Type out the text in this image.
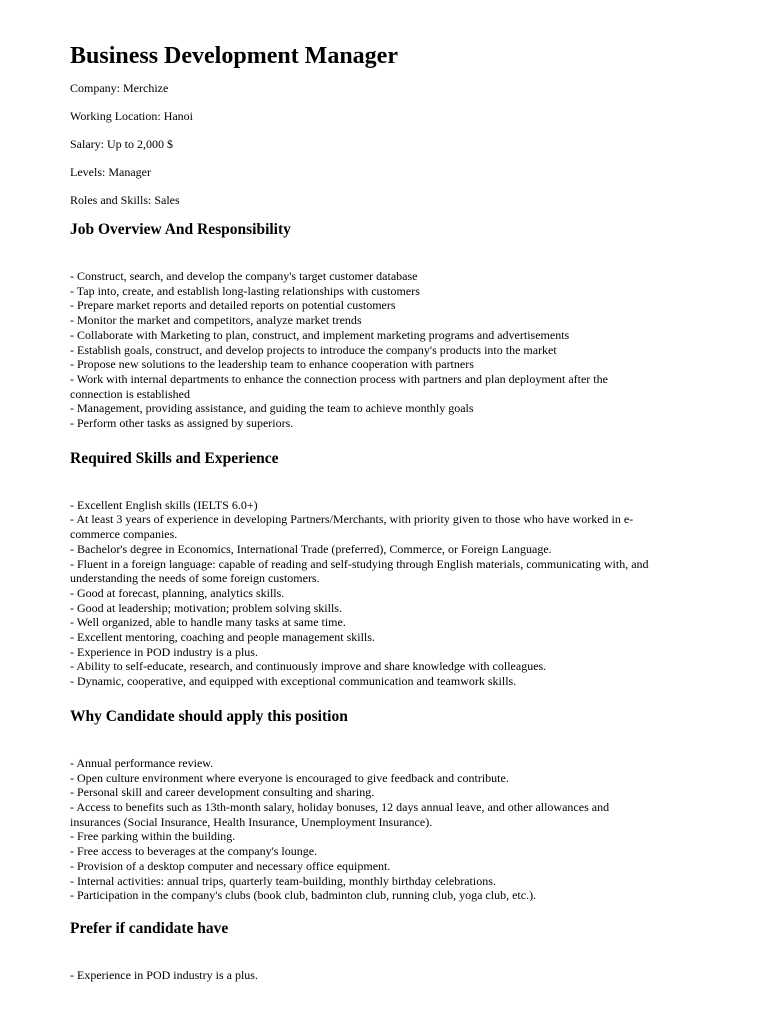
Business Development Manager

Company: Merchize

Working Location: Hanoi

Salary: Up to 2,000 $

Levels: Manager

Roles and Skills: Sales

Job Overview And Responsibility
- Construct, search, and develop the company's target customer database
- Tap into, create, and establish long-lasting relationships with customers
- Prepare market reports and detailed reports on potential customers
- Monitor the market and competitors, analyze market trends
- Collaborate with Marketing to plan, construct, and implement marketing programs and advertisements
- Establish goals, construct, and develop projects to introduce the company's products into the market
- Propose new solutions to the leadership team to enhance cooperation with partners
- Work with internal departments to enhance the connection process with partners and plan deployment after the
connection is established
- Management, providing assistance, and guiding the team to achieve monthly goals
- Perform other tasks as assigned by superiors.
Required Skills and Experience
- Excellent English skills (IELTS 6.0+)
- At least 3 years of experience in developing Partners/Merchants, with priority given to those who have worked in e-
commerce companies.
- Bachelor's degree in Economics, International Trade (preferred), Commerce, or Foreign Language.
- Fluent in a foreign language: capable of reading and self-studying through English materials, communicating with, and
understanding the needs of some foreign customers.
- Good at forecast, planning, analytics skills.
- Good at leadership; motivation; problem solving skills.
- Well organized, able to handle many tasks at same time.
- Excellent mentoring, coaching and people management skills.
- Experience in POD industry is a plus.
- Ability to self-educate, research, and continuously improve and share knowledge with colleagues.
- Dynamic, cooperative, and equipped with exceptional communication and teamwork skills.
Why Candidate should apply this position
- Annual performance review.
- Open culture environment where everyone is encouraged to give feedback and contribute.
- Personal skill and career development consulting and sharing.
- Access to benefits such as 13th-month salary, holiday bonuses, 12 days annual leave, and other allowances and
insurances (Social Insurance, Health Insurance, Unemployment Insurance).
- Free parking within the building.
- Free access to beverages at the company's lounge.
- Provision of a desktop computer and necessary office equipment.
- Internal activities: annual trips, quarterly team-building, monthly birthday celebrations.
- Participation in the company's clubs (book club, badminton club, running club, yoga club, etc.).
Prefer if candidate have
- Experience in POD industry is a plus.
